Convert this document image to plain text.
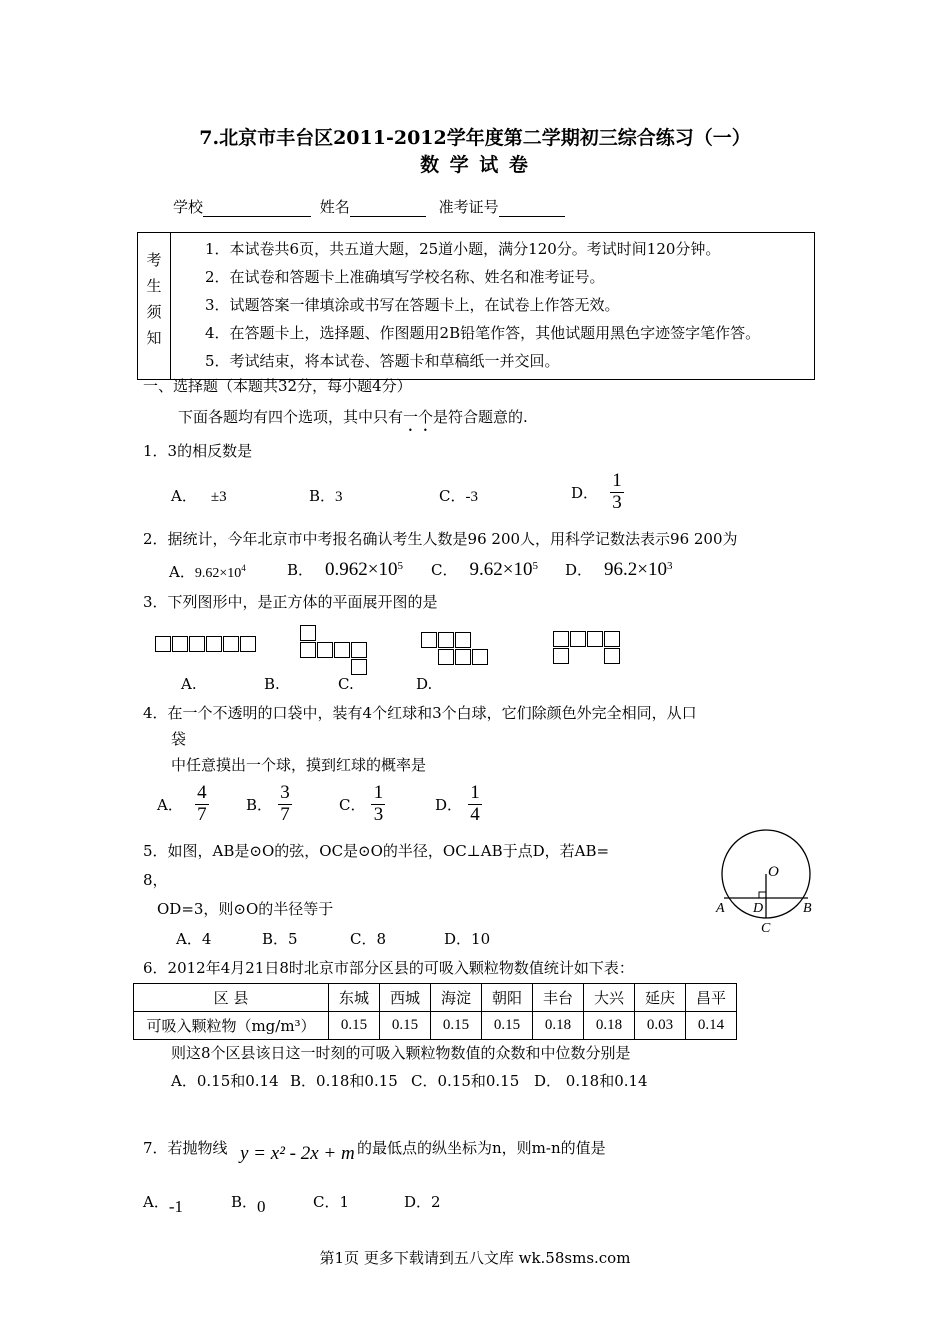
7.北京市丰台区2011-2012学年度第二学期初三综合练习（一）
数 学 试 卷
学校	姓名	准考证号
考
生
须
知

1．本试卷共6页，共五道大题，25道小题，满分120分。考试时间120分钟。
2．在试卷和答题卡上准确填写学校名称、姓名和准考证号。
3．试题答案一律填涂或书写在答题卡上，在试卷上作答无效。
4．在答题卡上，选择题、作图题用2B铅笔作答，其他试题用黑色字迹签字笔作答。
5．考试结束，将本试卷、答题卡和草稿纸一并交回。
一、选择题（本题共32分，每小题4分）
下面各题均有四个选项，其中只有一个是符合题意的.
1．3的相反数是
A． ±3	B．3	C．-3	D． $\frac{1}{3}$
2．据统计，今年北京市中考报名确认考生人数是96 200人，用科学记数法表示96 200为
A．$9.62\times 10^4$	B． $0.962\times 10^5$ C． $9.62\times 10^5$ D． $96.2\times 10^3$
3．下列图形中，是正方体的平面展开图的是
A.	B.	C.	D.
4．在一个不透明的口袋中，装有4个红球和3个白球，它们除颜色外完全相同，从口
袋
中任意摸出一个球，摸到红球的概率是
A． $\frac{4}{7}$ B． $\frac{3}{7}$	C． $\frac{1}{3}$	D． $\frac{1}{4}$
5．如图，AB是⊙O的弦，OC是⊙O的半径，OC⊥AB于点D，若AB=
8，
OD=3，则⊙O的半径等于
A．4	B．5	C．8	D．10
O
A	B
D
C
6．2012年4月21日8时北京市部分区县的可吸入颗粒物数值统计如下表：
区 县	东城	西城	海淀	朝阳	丰台	大兴	延庆	昌平
可吸入颗粒物（mg/m³）	0.15	0.15	0.15	0.15	0.18	0.18	0.03	0.14
则这8个区县该日这一时刻的可吸入颗粒物数值的众数和中位数分别是
A．0.15和0.14 B．0.18和0.15 C．0.15和0.15 D． 0.18和0.14
7．若抛物线 y = x² - 2x + m 的最低点的纵坐标为n，则m-n的值是
A．-1	B．0	C．1	D．2
第1页 更多下载请到五八文库 wk.58sms.com
